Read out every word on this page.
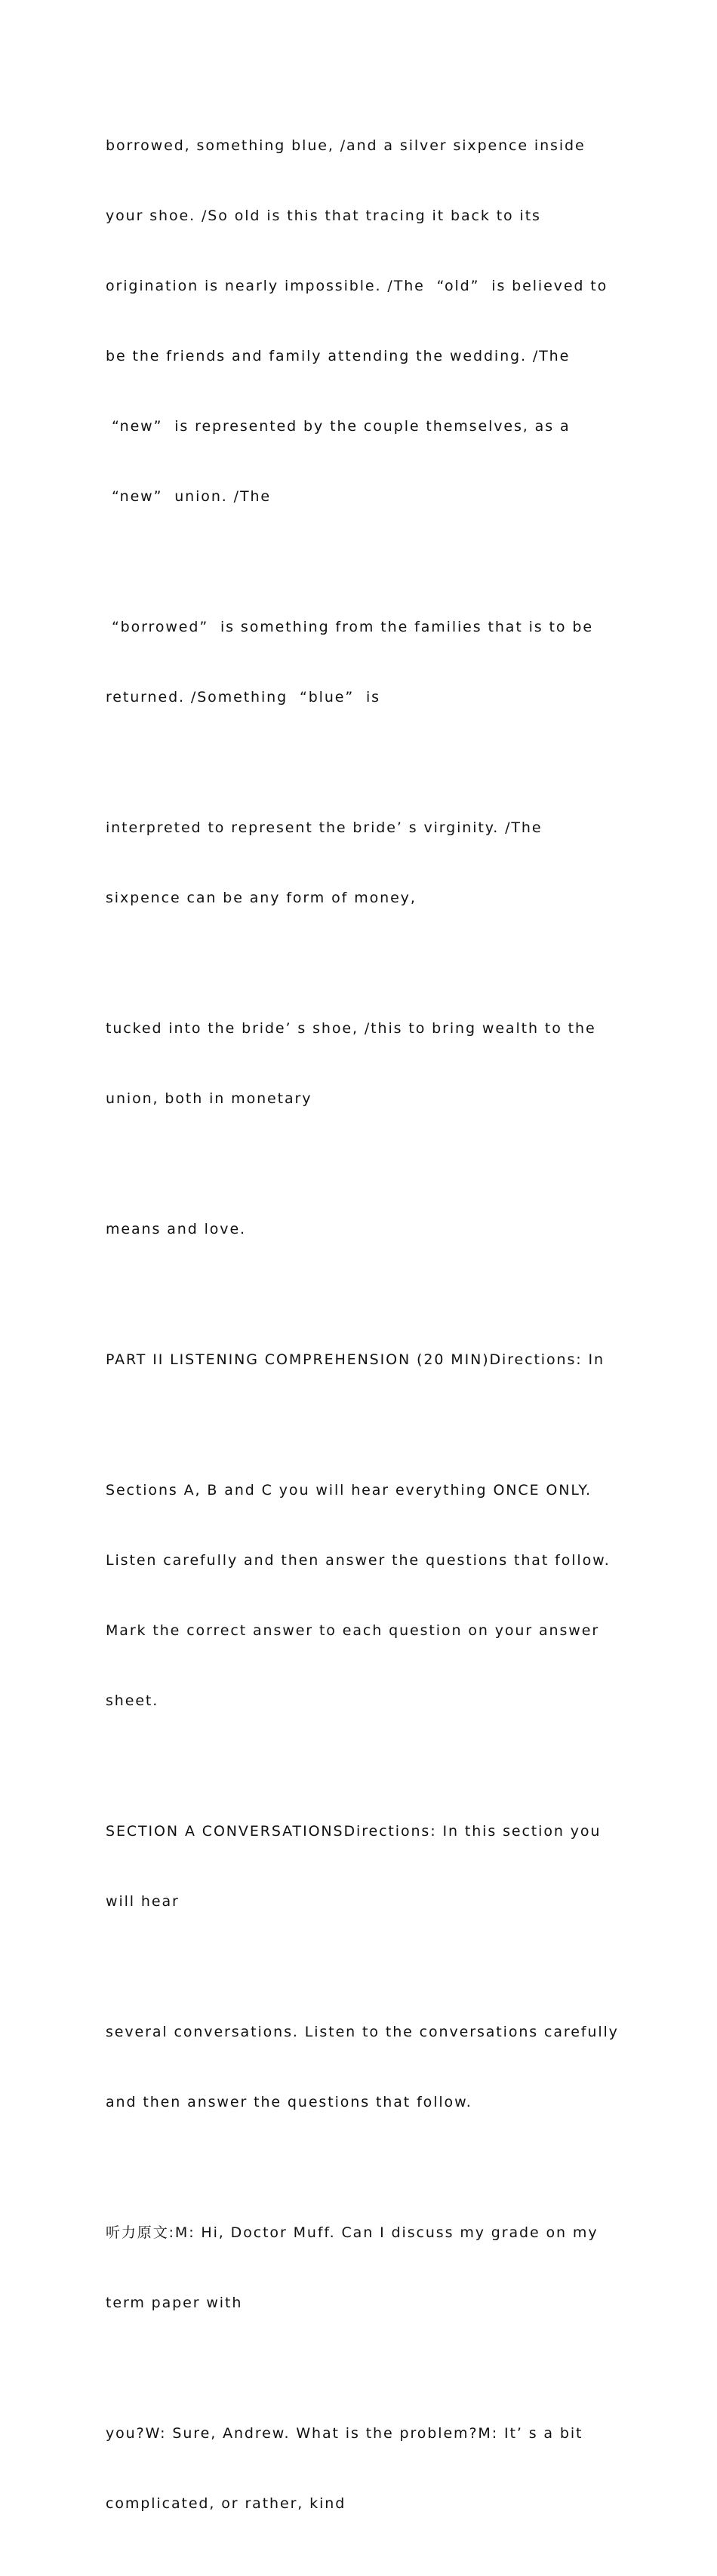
borrowed, something blue, /and a silver sixpence inside

your shoe. /So old is this that tracing it back to its

origination is nearly impossible. /The  “old”  is believed to

be the friends and family attending the wedding. /The

“new”  is represented by the couple themselves, as a

“new”  union. /The

“borrowed”  is something from the families that is to be

returned. /Something  “blue”  is

interpreted to represent the bride’ s virginity. /The

sixpence can be any form of money,

tucked into the bride’ s shoe, /this to bring wealth to the

union, both in monetary

means and love.

PART II LISTENING COMPREHENSION (20 MIN)Directions: In

Sections A, B and C you will hear everything ONCE ONLY.

Listen carefully and then answer the questions that follow.

Mark the correct answer to each question on your answer

sheet.

SECTION A CONVERSATIONSDirections: In this section you

will hear

several conversations. Listen to the conversations carefully

and then answer the questions that follow.

听力原文:M: Hi, Doctor Muff. Can I discuss my grade on my

term paper with

you?W: Sure, Andrew. What is the problem?M: It’ s a bit

complicated, or rather, kind
